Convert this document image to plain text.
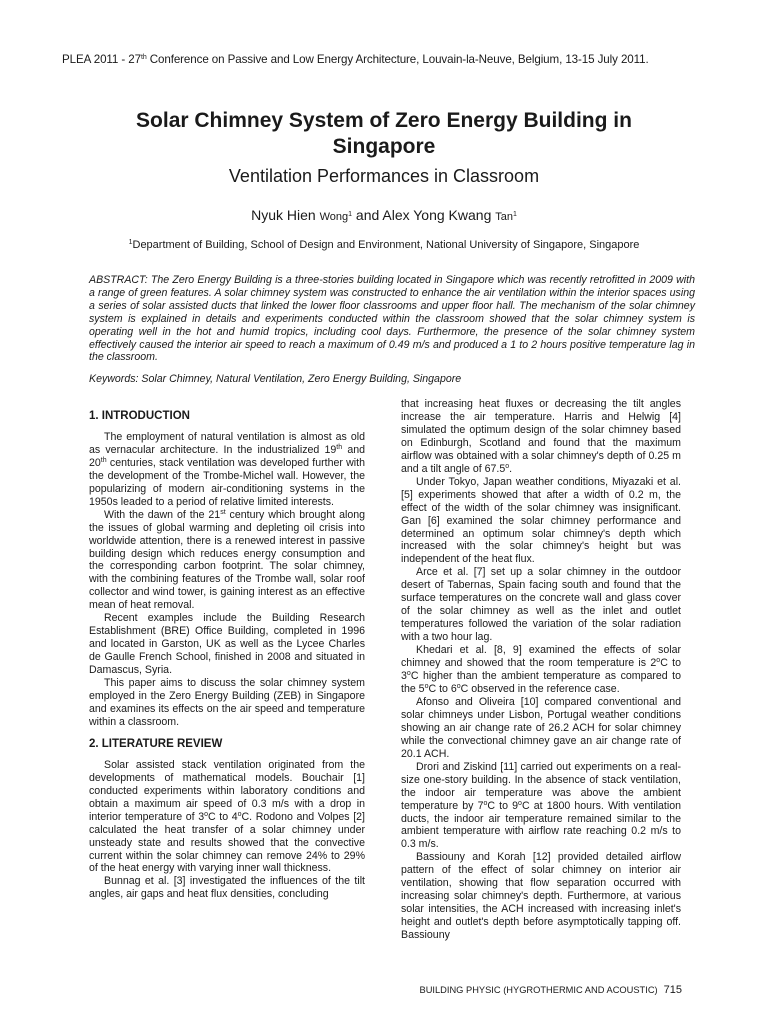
PLEA 2011 - 27th Conference on Passive and Low Energy Architecture, Louvain-la-Neuve, Belgium, 13-15 July 2011.
Solar Chimney System of Zero Energy Building in
Singapore
Ventilation Performances in Classroom
Nyuk Hien Wong$^1$ and Alex Yong Kwang Tan$^1$
$^1$Department of Building, School of Design and Environment, National University of Singapore, Singapore
ABSTRACT: The Zero Energy Building is a three-stories building located in Singapore which was recently retrofitted in 2009 with a range of green features. A solar chimney system was constructed to enhance the air ventilation within the interior spaces using a series of solar assisted ducts that linked the lower floor classrooms and upper floor hall. The mechanism of the solar chimney system is explained in details and experiments conducted within the classroom showed that the solar chimney system is operating well in the hot and humid tropics, including cool days. Furthermore, the presence of the solar chimney system effectively caused the interior air speed to reach a maximum of 0.49 m/s and produced a 1 to 2 hours positive temperature lag in the classroom.
Keywords: Solar Chimney, Natural Ventilation, Zero Energy Building, Singapore
1. INTRODUCTION

The employment of natural ventilation is almost as old as vernacular architecture. In the industrialized 19th and 20th centuries, stack ventilation was developed further with the development of the Trombe-Michel wall. However, the popularizing of modern air-conditioning systems in the 1950s leaded to a period of relative limited interests.

With the dawn of the 21st century which brought along the issues of global warming and depleting oil crisis into worldwide attention, there is a renewed interest in passive building design which reduces energy consumption and the corresponding carbon footprint. The solar chimney, with the combining features of the Trombe wall, solar roof collector and wind tower, is gaining interest as an effective mean of heat removal.

Recent examples include the Building Research Establishment (BRE) Office Building, completed in 1996 and located in Garston, UK as well as the Lycee Charles de Gaulle French School, finished in 2008 and situated in Damascus, Syria.

This paper aims to discuss the solar chimney system employed in the Zero Energy Building (ZEB) in Singapore and examines its effects on the air speed and temperature within a classroom.

2. LITERATURE REVIEW

Solar assisted stack ventilation originated from the developments of mathematical models. Bouchair [1] conducted experiments within laboratory conditions and obtain a maximum air speed of 0.3 m/s with a drop in interior temperature of 3$^o$C to 4$^o$C. Rodono and Volpes [2] calculated the heat transfer of a solar chimney under unsteady state and results showed that the convective current within the solar chimney can remove 24% to 29% of the heat energy with varying inner wall thickness.

Bunnag et al. [3] investigated the influences of the tilt angles, air gaps and heat flux densities, concluding

that increasing heat fluxes or decreasing the tilt angles increase the air temperature. Harris and Helwig [4] simulated the optimum design of the solar chimney based on Edinburgh, Scotland and found that the maximum airflow was obtained with a solar chimney's depth of 0.25 m and a tilt angle of 67.5$^o$.

Under Tokyo, Japan weather conditions, Miyazaki et al. [5] experiments showed that after a width of 0.2 m, the effect of the width of the solar chimney was insignificant. Gan [6] examined the solar chimney performance and determined an optimum solar chimney's depth which increased with the solar chimney's height but was independent of the heat flux.

Arce et al. [7] set up a solar chimney in the outdoor desert of Tabernas, Spain facing south and found that the surface temperatures on the concrete wall and glass cover of the solar chimney as well as the inlet and outlet temperatures followed the variation of the solar radiation with a two hour lag.

Khedari et al. [8, 9] examined the effects of solar chimney and showed that the room temperature is 2$^o$C to 3$^o$C higher than the ambient temperature as compared to the 5$^o$C to 6$^o$C observed in the reference case.

Afonso and Oliveira [10] compared conventional and solar chimneys under Lisbon, Portugal weather conditions showing an air change rate of 26.2 ACH for solar chimney while the convectional chimney gave an air change rate of 20.1 ACH.

Drori and Ziskind [11] carried out experiments on a real-size one-story building. In the absence of stack ventilation, the indoor air temperature was above the ambient temperature by 7$^o$C to 9$^o$C at 1800 hours. With ventilation ducts, the indoor air temperature remained similar to the ambient temperature with airflow rate reaching 0.2 m/s to 0.3 m/s.

Bassiouny and Korah [12] provided detailed airflow pattern of the effect of solar chimney on interior air ventilation, showing that flow separation occurred with increasing solar chimney's depth. Furthermore, at various solar intensities, the ACH increased with increasing inlet's height and outlet's depth before asymptotically tapping off. Bassiouny

BUILDING PHYSIC (HYGROTHERMIC AND ACOUSTIC) 715
